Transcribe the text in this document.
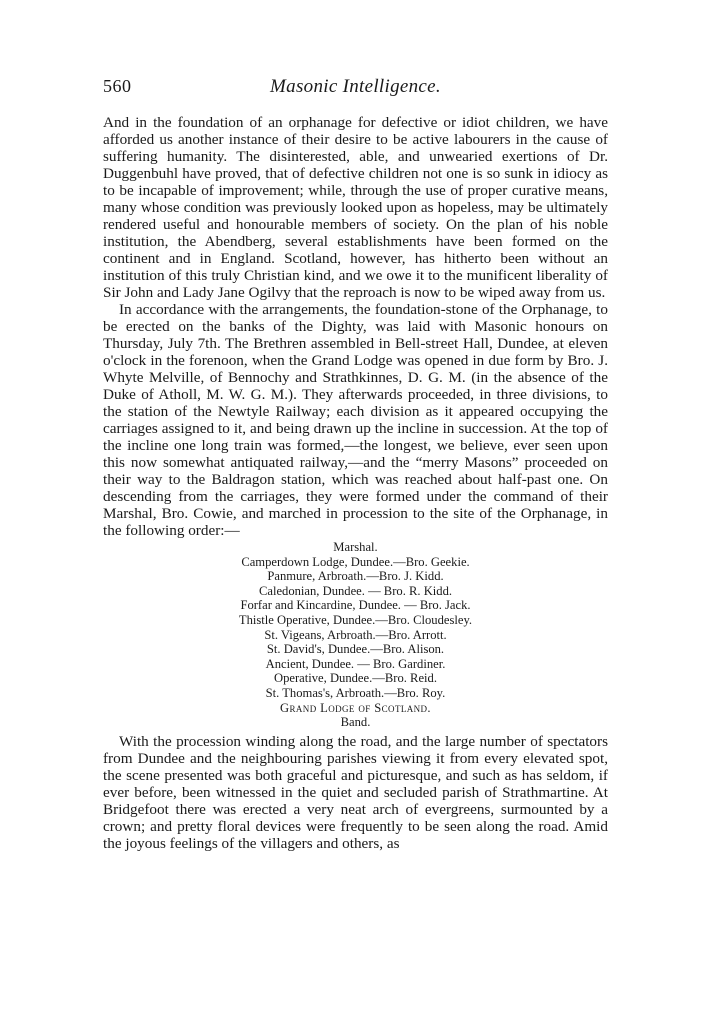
560	Masonic Intelligence.

And in the foundation of an orphanage for defective or idiot children, we have afforded us another instance of their desire to be active labourers in the cause of suffering humanity. The disinterested, able, and unwearied exertions of Dr. Duggenbuhl have proved, that of defective children not one is so sunk in idiocy as to be incapable of improvement; while, through the use of proper curative means, many whose condition was previously looked upon as hopeless, may be ultimately rendered useful and honourable members of society. On the plan of his noble institution, the Abendberg, several establishments have been formed on the continent and in England. Scotland, however, has hitherto been without an institution of this truly Christian kind, and we owe it to the munificent liberality of Sir John and Lady Jane Ogilvy that the reproach is now to be wiped away from us.

In accordance with the arrangements, the foundation-stone of the Orphanage, to be erected on the banks of the Dighty, was laid with Masonic honours on Thursday, July 7th. The Brethren assembled in Bell-street Hall, Dundee, at eleven o'clock in the forenoon, when the Grand Lodge was opened in due form by Bro. J. Whyte Melville, of Bennochy and Strathkinnes, D. G. M. (in the absence of the Duke of Atholl, M. W. G. M.). They afterwards proceeded, in three divisions, to the station of the Newtyle Railway; each division as it appeared occupying the carriages assigned to it, and being drawn up the incline in succession. At the top of the incline one long train was formed,—the longest, we believe, ever seen upon this now somewhat antiquated railway,—and the “merry Masons” proceeded on their way to the Baldragon station, which was reached about half-past one. On descending from the carriages, they were formed under the command of their Marshal, Bro. Cowie, and marched in procession to the site of the Orphanage, in the following order:—

Marshal.
Camperdown Lodge, Dundee.—Bro. Geekie.
Panmure, Arbroath.—Bro. J. Kidd.
Caledonian, Dundee. — Bro. R. Kidd.
Forfar and Kincardine, Dundee. — Bro. Jack.
Thistle Operative, Dundee.—Bro. Cloudesley.
St. Vigeans, Arbroath.—Bro. Arrott.
St. David's, Dundee.—Bro. Alison.
Ancient, Dundee. — Bro. Gardiner.
Operative, Dundee.—Bro. Reid.
St. Thomas's, Arbroath.—Bro. Roy.
Grand Lodge of Scotland.
Band.

With the procession winding along the road, and the large number of spectators from Dundee and the neighbouring parishes viewing it from every elevated spot, the scene presented was both graceful and picturesque, and such as has seldom, if ever before, been witnessed in the quiet and secluded parish of Strathmartine. At Bridgefoot there was erected a very neat arch of evergreens, surmounted by a crown; and pretty floral devices were frequently to be seen along the road. Amid the joyous feelings of the villagers and others, as
